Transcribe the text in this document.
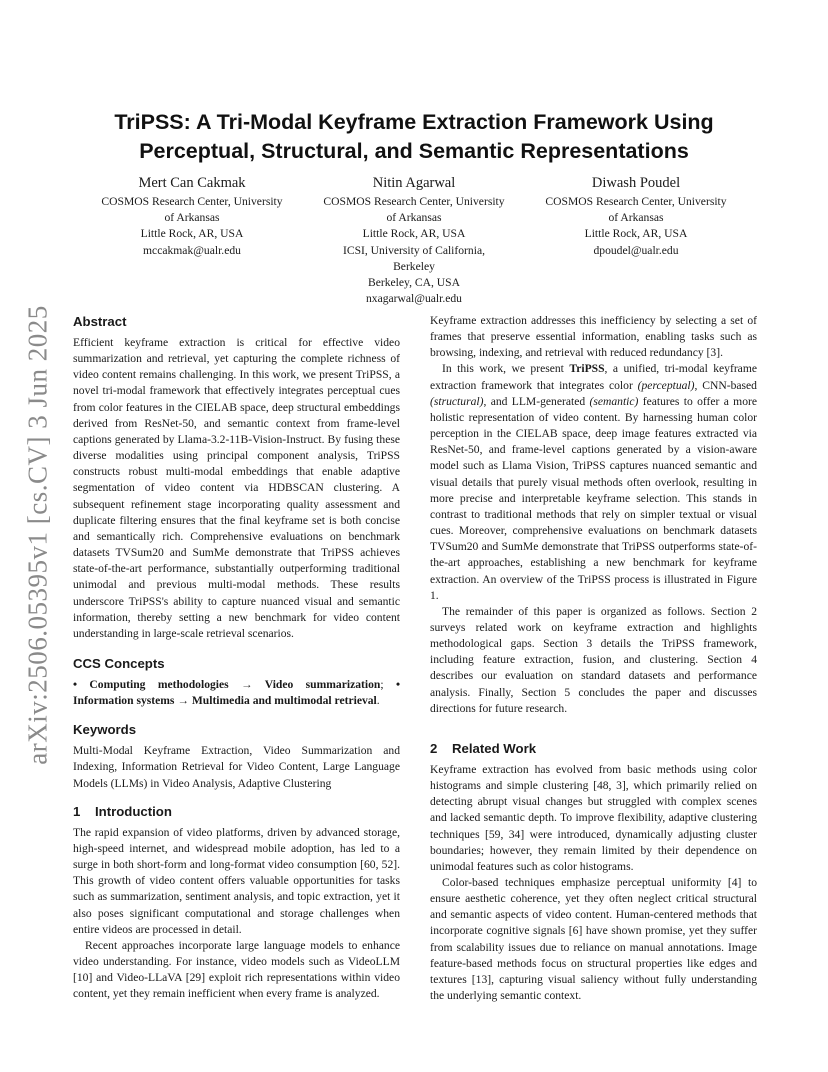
arXiv:2506.05395v1 [cs.CV] 3 Jun 2025
TriPSS: A Tri-Modal Keyframe Extraction Framework Using
Perceptual, Structural, and Semantic Representations
Mert Can Cakmak
COSMOS Research Center, University
of Arkansas
Little Rock, AR, USA
mccakmak@ualr.edu
Nitin Agarwal
COSMOS Research Center, University
of Arkansas
Little Rock, AR, USA
ICSI, University of California,
Berkeley
Berkeley, CA, USA
nxagarwal@ualr.edu
Diwash Poudel
COSMOS Research Center, University
of Arkansas
Little Rock, AR, USA
dpoudel@ualr.edu
Abstract

Efficient keyframe extraction is critical for effective video summarization and retrieval, yet capturing the complete richness of video content remains challenging. In this work, we present TriPSS, a novel tri-modal framework that effectively integrates perceptual cues from color features in the CIELAB space, deep structural embeddings derived from ResNet-50, and semantic context from frame-level captions generated by Llama-3.2-11B-Vision-Instruct. By fusing these diverse modalities using principal component analysis, TriPSS constructs robust multi-modal embeddings that enable adaptive segmentation of video content via HDBSCAN clustering. A subsequent refinement stage incorporating quality assessment and duplicate filtering ensures that the final keyframe set is both concise and semantically rich. Comprehensive evaluations on benchmark datasets TVSum20 and SumMe demonstrate that TriPSS achieves state-of-the-art performance, substantially outperforming traditional unimodal and previous multi-modal methods. These results underscore TriPSS's ability to capture nuanced visual and semantic information, thereby setting a new benchmark for video content understanding in large-scale retrieval scenarios.

CCS Concepts

• Computing methodologies → Video summarization; • Information systems → Multimedia and multimodal retrieval.

Keywords

Multi-Modal Keyframe Extraction, Video Summarization and Indexing, Information Retrieval for Video Content, Large Language Models (LLMs) in Video Analysis, Adaptive Clustering

1 Introduction

The rapid expansion of video platforms, driven by advanced storage, high-speed internet, and widespread mobile adoption, has led to a surge in both short-form and long-format video consumption [60, 52]. This growth of video content offers valuable opportunities for tasks such as summarization, sentiment analysis, and topic extraction, yet it also poses significant computational and storage challenges when entire videos are processed in detail.

Recent approaches incorporate large language models to enhance video understanding. For instance, video models such as VideoLLM [10] and Video-LLaVA [29] exploit rich representations within video content, yet they remain inefficient when every frame is analyzed.

Keyframe extraction addresses this inefficiency by selecting a set of frames that preserve essential information, enabling tasks such as browsing, indexing, and retrieval with reduced redundancy [3].

In this work, we present TriPSS, a unified, tri-modal keyframe extraction framework that integrates color (perceptual), CNN-based (structural), and LLM-generated (semantic) features to offer a more holistic representation of video content. By harnessing human color perception in the CIELAB space, deep image features extracted via ResNet-50, and frame-level captions generated by a vision-aware model such as Llama Vision, TriPSS captures nuanced semantic and visual details that purely visual methods often overlook, resulting in more precise and interpretable keyframe selection. This stands in contrast to traditional methods that rely on simpler textual or visual cues. Moreover, comprehensive evaluations on benchmark datasets TVSum20 and SumMe demonstrate that TriPSS outperforms state-of-the-art approaches, establishing a new benchmark for keyframe extraction. An overview of the TriPSS process is illustrated in Figure 1.

The remainder of this paper is organized as follows. Section 2 surveys related work on keyframe extraction and highlights methodological gaps. Section 3 details the TriPSS framework, including feature extraction, fusion, and clustering. Section 4 describes our evaluation on standard datasets and performance analysis. Finally, Section 5 concludes the paper and discusses directions for future research.

2 Related Work

Keyframe extraction has evolved from basic methods using color histograms and simple clustering [48, 3], which primarily relied on detecting abrupt visual changes but struggled with complex scenes and lacked semantic depth. To improve flexibility, adaptive clustering techniques [59, 34] were introduced, dynamically adjusting cluster boundaries; however, they remain limited by their dependence on unimodal features such as color histograms.

Color-based techniques emphasize perceptual uniformity [4] to ensure aesthetic coherence, yet they often neglect critical structural and semantic aspects of video content. Human-centered methods that incorporate cognitive signals [6] have shown promise, yet they suffer from scalability issues due to reliance on manual annotations. Image feature-based methods focus on structural properties like edges and textures [13], capturing visual saliency without fully understanding the underlying semantic context.
